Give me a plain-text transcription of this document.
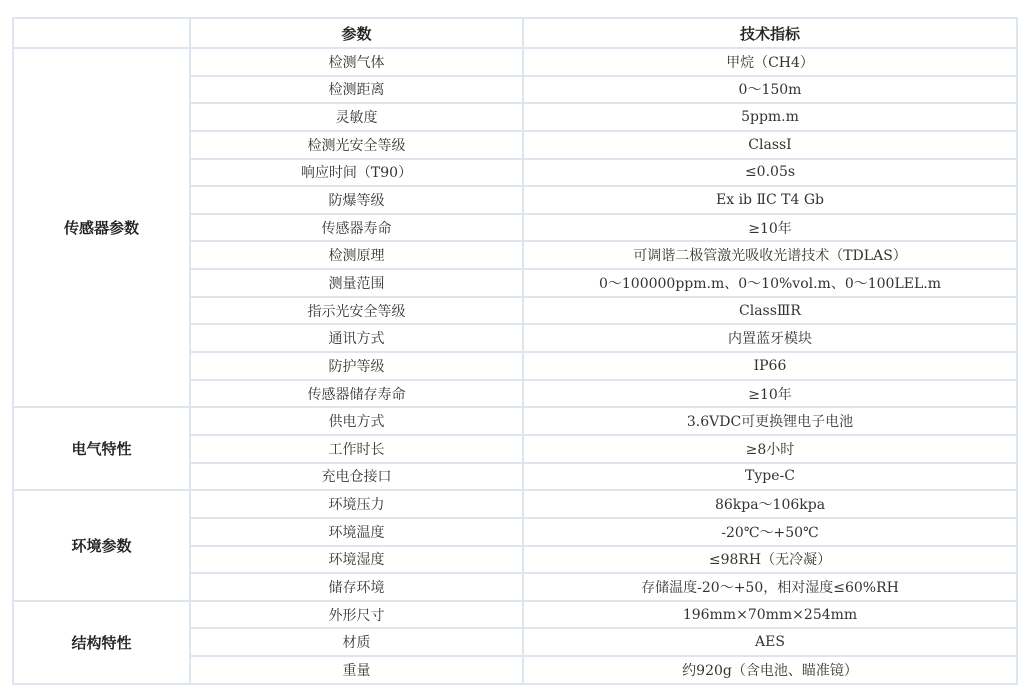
	参数	技术指标
传感器参数	检测气体	甲烷（CH4）
	检测距离	0～150m
	灵敏度	5ppm.m
	检测光安全等级	ClassⅠ
	响应时间（T90）	≤0.05s
	防爆等级	Ex ib ⅡC T4 Gb
	传感器寿命	≥10年
	检测原理	可调谐二极管激光吸收光谱技术（TDLAS）
	测量范围	0～100000ppm.m、0～10%vol.m、0～100LEL.m
	指示光安全等级	ClassⅢR
	通讯方式	内置蓝牙模块
	防护等级	IP66
	传感器储存寿命	≥10年
电气特性	供电方式	3.6VDC可更换锂电子电池
	工作时长	≥8小时
	充电仓接口	Type-C
环境参数	环境压力	86kpa～106kpa
	环境温度	-20℃～+50℃
	环境湿度	≤98RH（无冷凝）
	储存环境	存储温度-20～+50，相对湿度≤60%RH
结构特性	外形尺寸	196mm×70mm×254mm
	材质	AES
	重量	约920g（含电池、瞄准镜）
